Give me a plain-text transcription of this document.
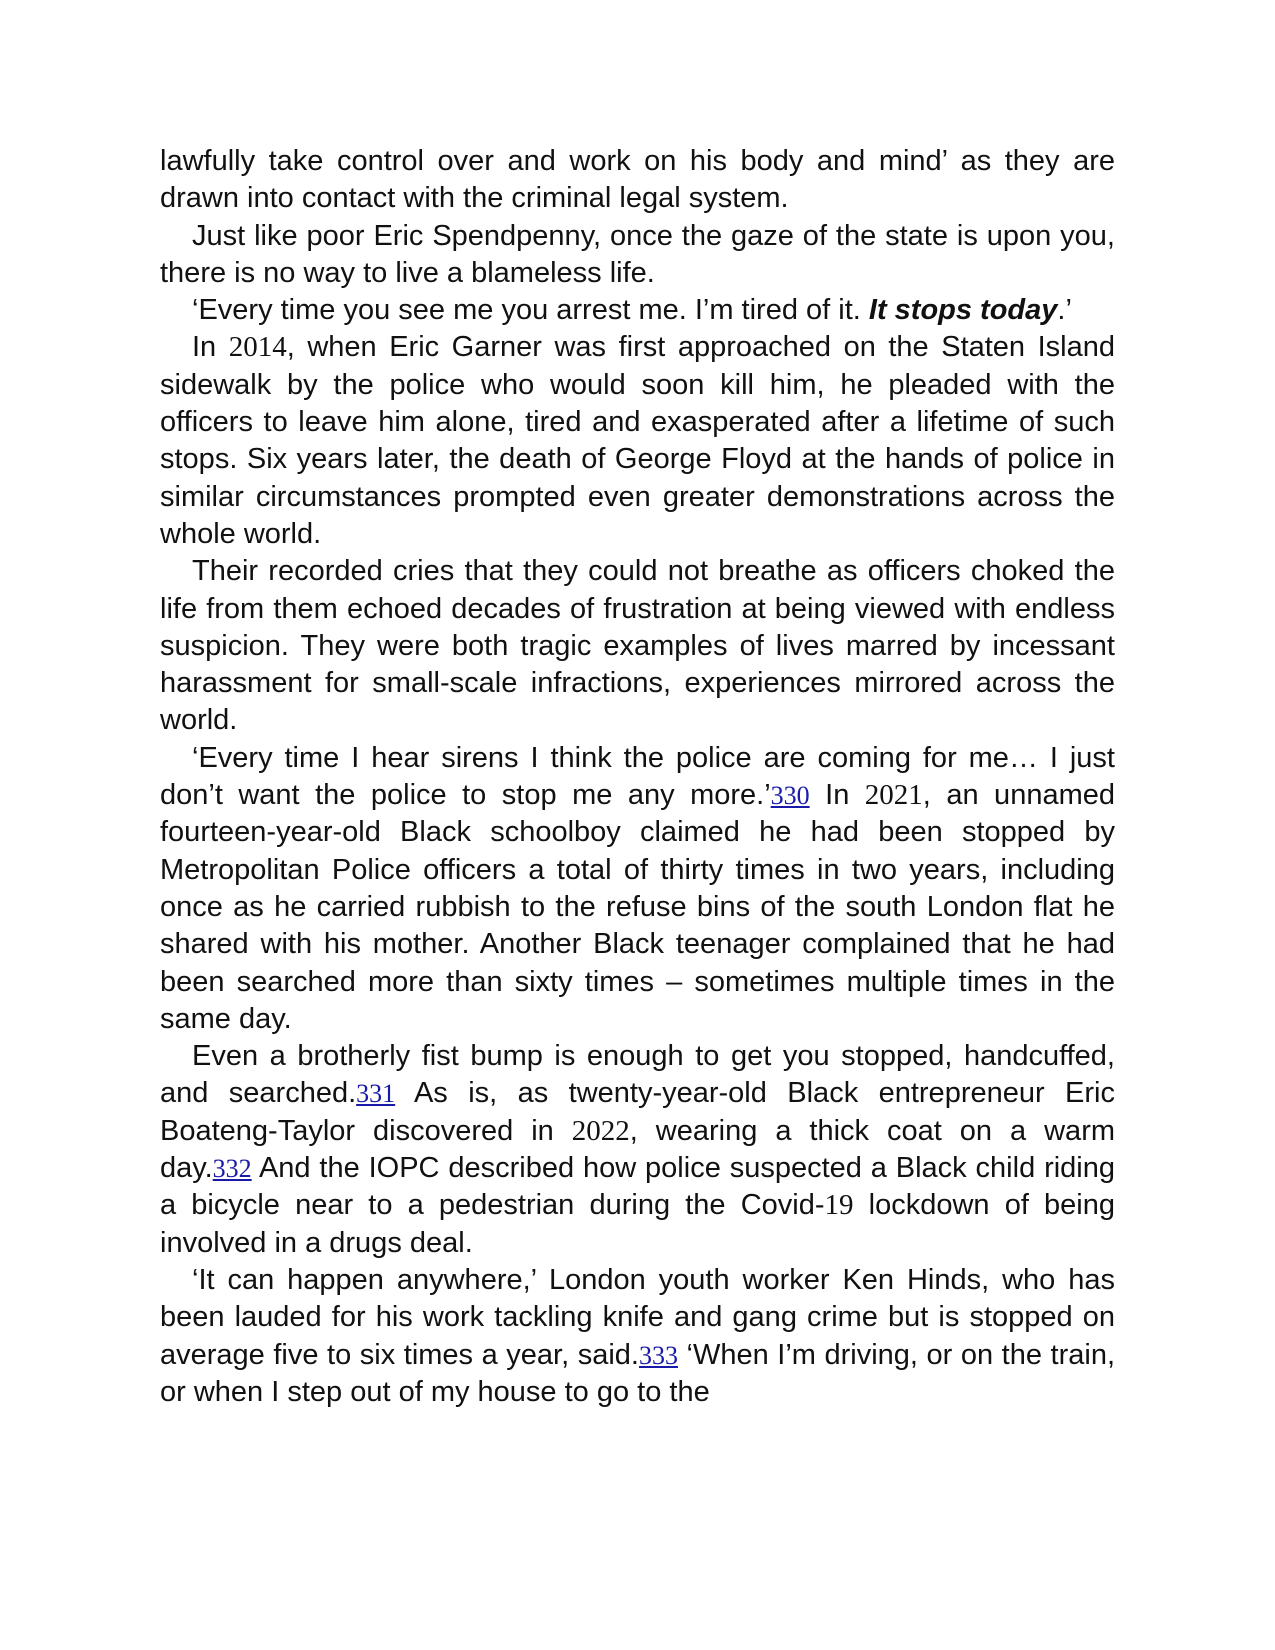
lawfully take control over and work on his body and mind’ as they are drawn into contact with the criminal legal system.

Just like poor Eric Spendpenny, once the gaze of the state is upon you, there is no way to live a blameless life.

‘Every time you see me you arrest me. I’m tired of it. It stops today.’

In 2014, when Eric Garner was first approached on the Staten Island sidewalk by the police who would soon kill him, he pleaded with the officers to leave him alone, tired and exasperated after a lifetime of such stops. Six years later, the death of George Floyd at the hands of police in similar circumstances prompted even greater demonstrations across the whole world.

Their recorded cries that they could not breathe as officers choked the life from them echoed decades of frustration at being viewed with endless suspicion. They were both tragic examples of lives marred by incessant harassment for small-scale infractions, experiences mirrored across the world.

‘Every time I hear sirens I think the police are coming for me… I just don’t want the police to stop me any more.’330 In 2021, an unnamed fourteen-year-old Black schoolboy claimed he had been stopped by Metropolitan Police officers a total of thirty times in two years, including once as he carried rubbish to the refuse bins of the south London flat he shared with his mother. Another Black teenager complained that he had been searched more than sixty times – sometimes multiple times in the same day.

Even a brotherly fist bump is enough to get you stopped, handcuffed, and searched.331 As is, as twenty-year-old Black entrepreneur Eric Boateng-Taylor discovered in 2022, wearing a thick coat on a warm day.332 And the IOPC described how police suspected a Black child riding a bicycle near to a pedestrian during the Covid-19 lockdown of being involved in a drugs deal.

‘It can happen anywhere,’ London youth worker Ken Hinds, who has been lauded for his work tackling knife and gang crime but is stopped on average five to six times a year, said.333 ‘When I’m driving, or on the train, or when I step out of my house to go to the
